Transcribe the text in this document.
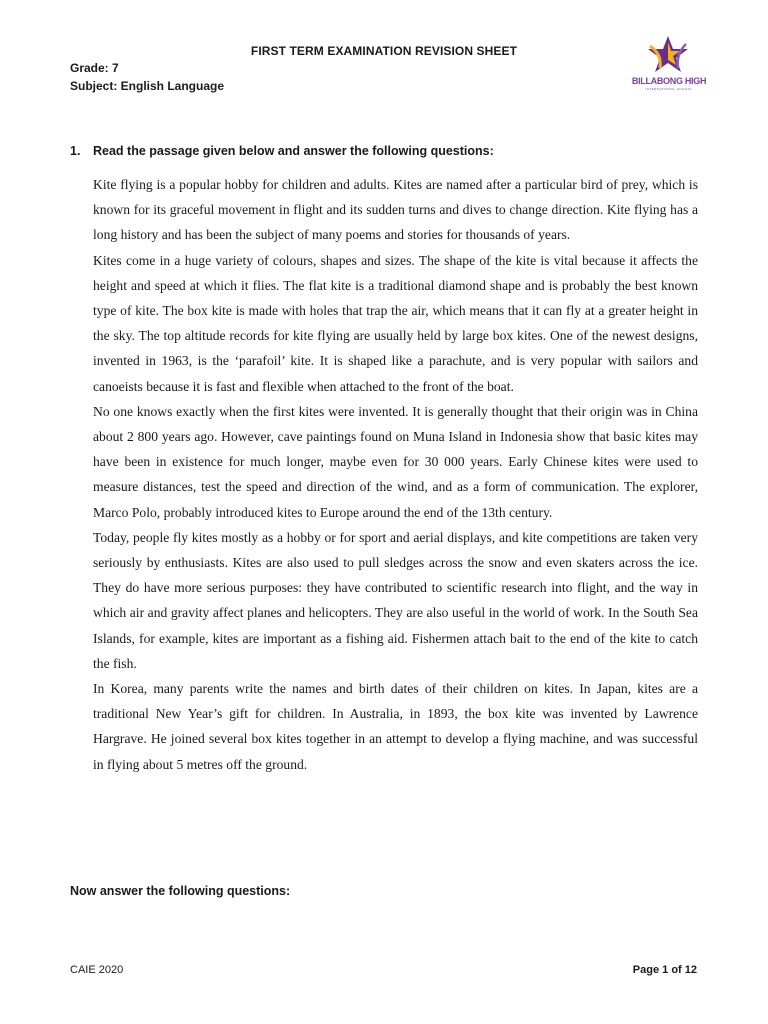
FIRST TERM EXAMINATION REVISION SHEET
Grade: 7
Subject: English Language	BILLABONG HIGH
INTERNATIONAL SCHOOL
1. Read the passage given below and answer the following questions:

Kite flying is a popular hobby for children and adults. Kites are named after a particular bird of prey, which is known for its graceful movement in flight and its sudden turns and dives to change direction. Kite flying has a long history and has been the subject of many poems and stories for thousands of years.

Kites come in a huge variety of colours, shapes and sizes. The shape of the kite is vital because it affects the height and speed at which it flies. The flat kite is a traditional diamond shape and is probably the best known type of kite. The box kite is made with holes that trap the air, which means that it can fly at a greater height in the sky. The top altitude records for kite flying are usually held by large box kites. One of the newest designs, invented in 1963, is the ‘parafoil’ kite. It is shaped like a parachute, and is very popular with sailors and canoeists because it is fast and flexible when attached to the front of the boat.

No one knows exactly when the first kites were invented. It is generally thought that their origin was in China about 2 800 years ago. However, cave paintings found on Muna Island in Indonesia show that basic kites may have been in existence for much longer, maybe even for 30 000 years. Early Chinese kites were used to measure distances, test the speed and direction of the wind, and as a form of communication. The explorer, Marco Polo, probably introduced kites to Europe around the end of the 13th century.

Today, people fly kites mostly as a hobby or for sport and aerial displays, and kite competitions are taken very seriously by enthusiasts. Kites are also used to pull sledges across the snow and even skaters across the ice. They do have more serious purposes: they have contributed to scientific research into flight, and the way in which air and gravity affect planes and helicopters. They are also useful in the world of work. In the South Sea Islands, for example, kites are important as a fishing aid. Fishermen attach bait to the end of the kite to catch the fish.

In Korea, many parents write the names and birth dates of their children on kites. In Japan, kites are a traditional New Year’s gift for children. In Australia, in 1893, the box kite was invented by Lawrence Hargrave. He joined several box kites together in an attempt to develop a flying machine, and was successful in flying about 5 metres off the ground.

Now answer the following questions:
CAIE 2020	Page 1 of 12
